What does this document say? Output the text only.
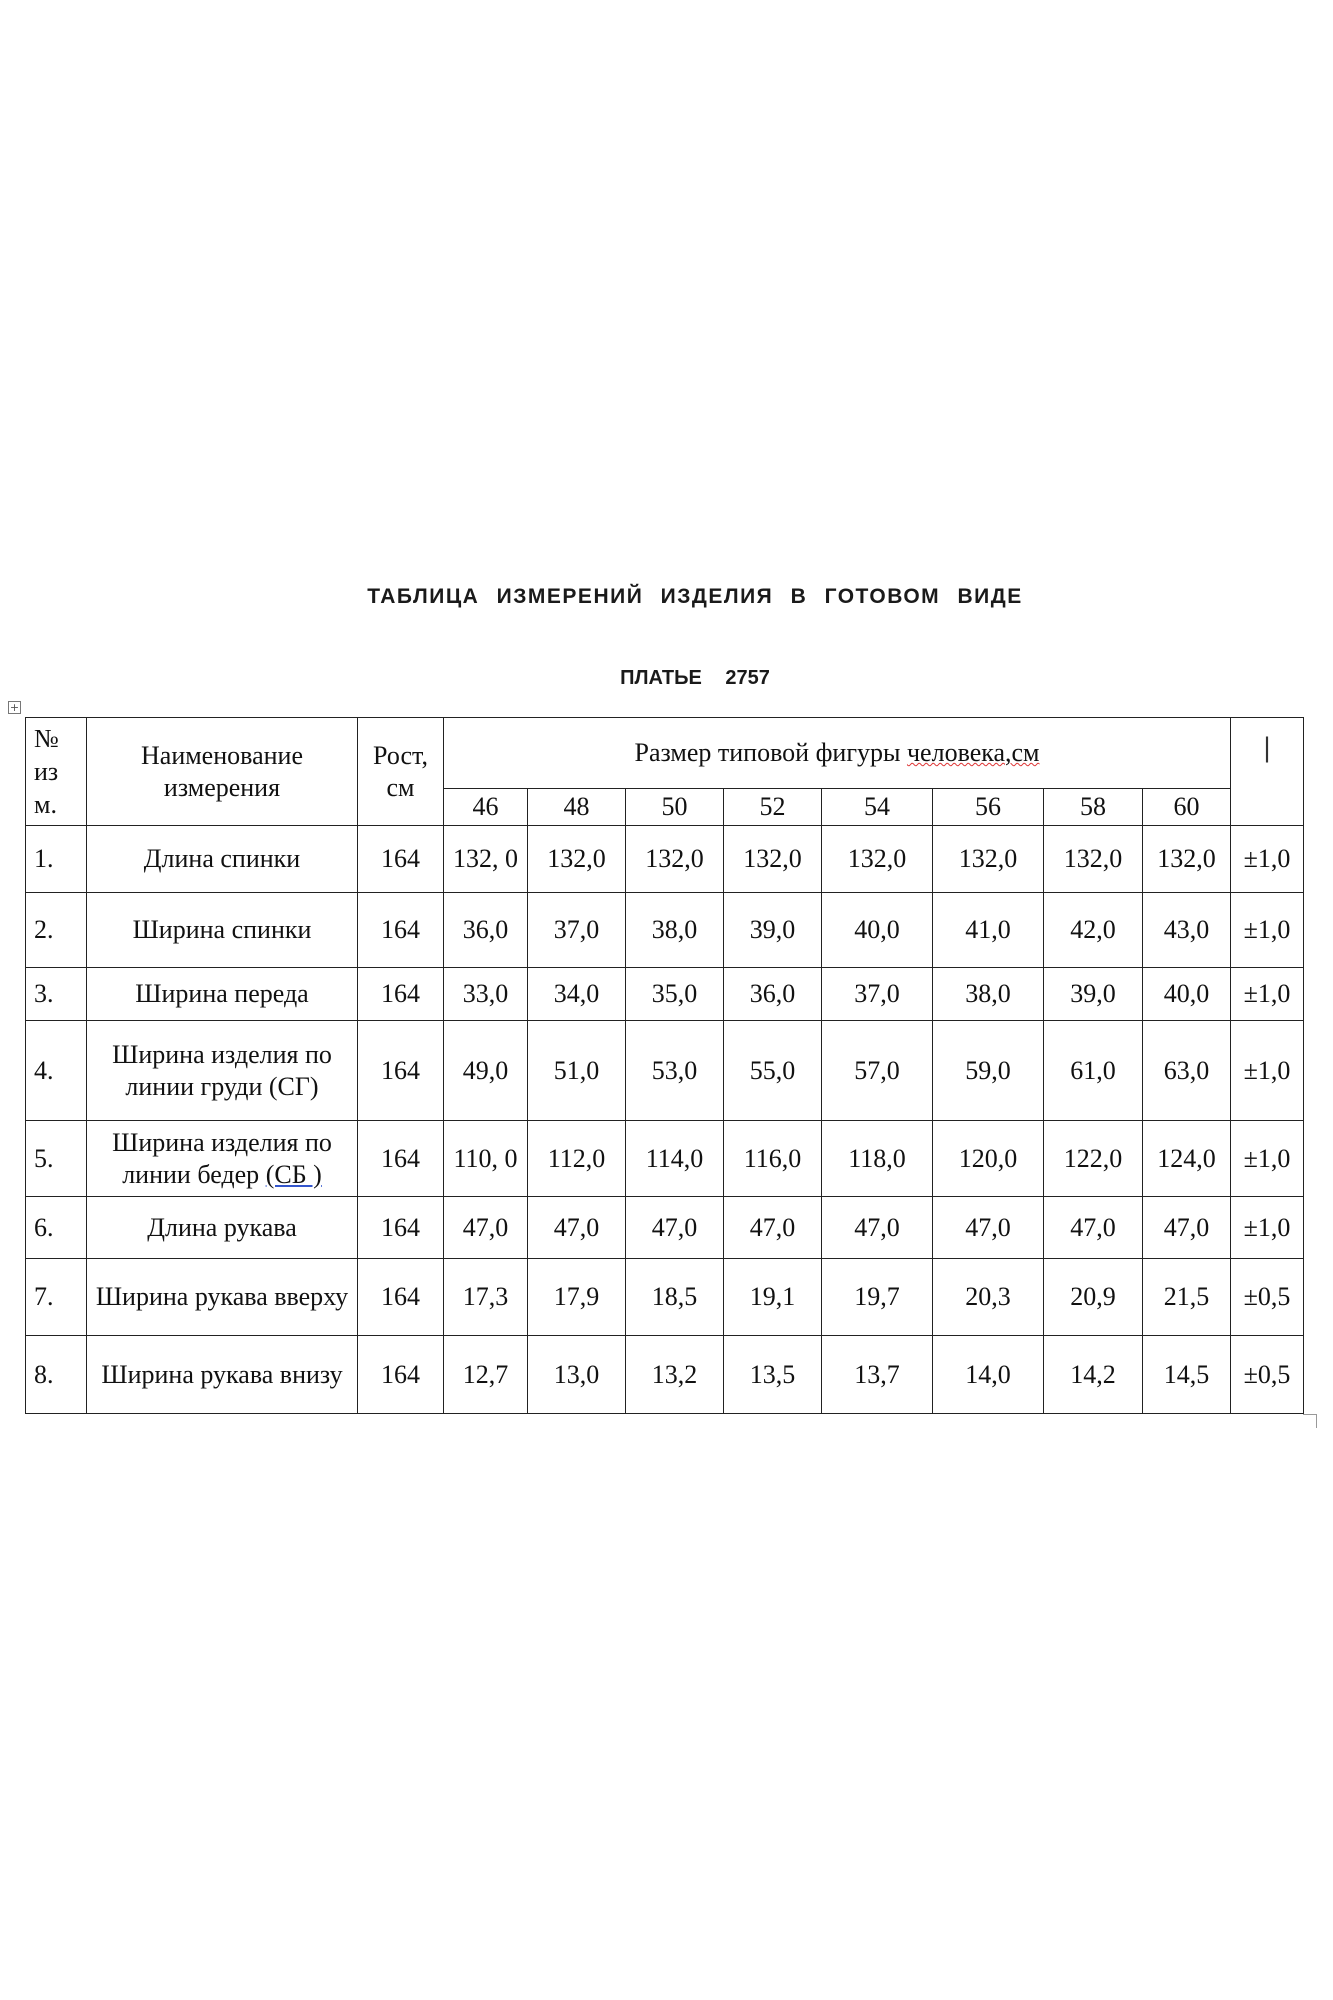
ТАБЛИЦА ИЗМЕРЕНИЙ ИЗДЕЛИЯ В ГОТОВОМ ВИДЕ
ПЛАТЬЕ 2757
+
№ из м.	Наименование измерения	Рост, см	Размер типовой фигуры человека,см								|
			46	48	50	52	54	56	58	60	
1.	Длина спинки	164	132, 0	132,0	132,0	132,0	132,0	132,0	132,0	132,0	±1,0
2.	Ширина спинки	164	36,0	37,0	38,0	39,0	40,0	41,0	42,0	43,0	±1,0
3.	Ширина переда	164	33,0	34,0	35,0	36,0	37,0	38,0	39,0	40,0	±1,0
4.	Ширина изделия по линии груди (СГ)	164	49,0	51,0	53,0	55,0	57,0	59,0	61,0	63,0	±1,0
5.	Ширина изделия по линии бедер (СБ )	164	110, 0	112,0	114,0	116,0	118,0	120,0	122,0	124,0	±1,0
6.	Длина рукава	164	47,0	47,0	47,0	47,0	47,0	47,0	47,0	47,0	±1,0
7.	Ширина рукава вверху	164	17,3	17,9	18,5	19,1	19,7	20,3	20,9	21,5	±0,5
8.	Ширина рукава внизу	164	12,7	13,0	13,2	13,5	13,7	14,0	14,2	14,5	±0,5
